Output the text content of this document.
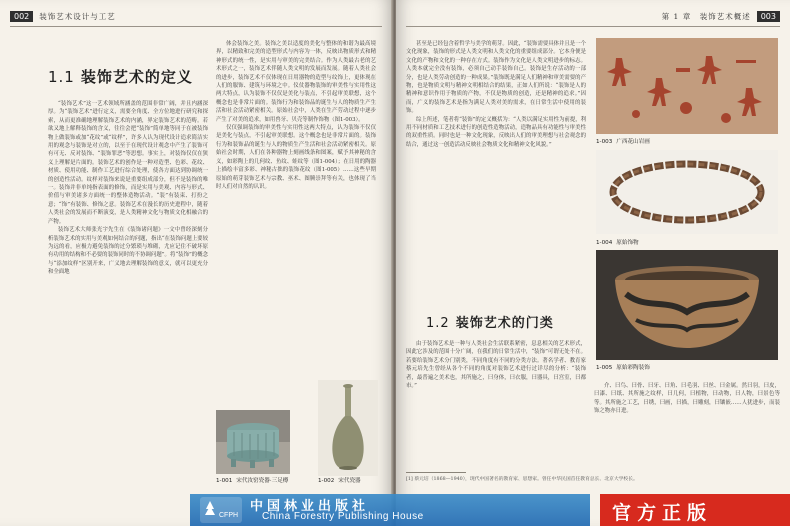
002	装饰艺术设计与工艺
1.1 装饰艺术的定义

“装饰艺术”这一艺术领域所涵盖的范围非常广阔，并且内涵深厚。为“装饰艺术”进行定义，需要全角度、全方位地进行研究和探索，从而更准确地理解装饰艺术的内涵，界定装饰艺术的范畴。若欲又地上解释装饰的含义，往往会把“装饰”简单地等同于在被装饰物上做装饰或加“花纹”或“纹样”，许多人认为现代设计追求简洁实用的观念与装饰是对立的，以至于在现代设计观念中产生了装饰可有可无、反对装饰、“装饰罪恶”等思想。事实上，对装饰仅仅在狭义上理解是片面的。装饰艺术的创作是一种对造型、色彩、花纹、材质、使用功能、制作工艺进行综合处理，使各方面达到协调统一的创造性活动。纹样对装饰来说是重要组成部分，但不是装饰的唯一。装饰并非单纯指表面的修饰，而是实用与美观、内容与形式、价值与审美诸多方面统一的整体造物活动。“装”有装束、打扮之意；“饰”有装饰、修饰之意。装饰艺术在漫长的历史进程中，随着人类社会的发展而不断演变，是人类精神文化与物质文化相融合的产物。

装饰艺术大师张光宇先生在《装饰诸问题》一文中曾经深刻分析装饰艺术的实用与美观如何结合的问题，指出“在装饰问题上要较为远的看，应极力避免装饰的过分繁琐与堆砌，尤应记住不破坏原有功用的结构和不必要的装饰同时的不协调问题”。将“装饰”的概念与“添加纹样”区别开来，广义地去理解装饰的意义，就可以更充分和全面地

体会装饰之美。装饰之美以适度的美化与整体的和谐为最高境界，以精致和完美的造型形式与内容为一体，反映出物质形式和精神形式的统一性，是实用与审美的完美结合。作为人类最古老的艺术形式之一，装饰艺术伴随人类文明的发展而发展。随着人类社会的进步，装饰艺术不仅体现在日用器物的造型与纹饰上，更体现在人们的服饰、建筑与环境之中。仪仗器物装饰的审美性与实用性这两大特点，认为装饰不仅仅是美化与装点，不引起审美联想，这个概念也是非常片面的。装饰行为和装饰品的诞生与人的物质生产生活和社会活动紧密相关。原始社会中，人类在生产劳动过程中逐步产生了对美的追求，如用兽牙、贝壳等制作饰物（图1-003）。

仅仅强调装饰的审美性与实用性这两大特点，认为装饰不仅仅是美化与装点，不引起审美联想。这个概念也是非常片面的。装饰行为和装饰品的诞生与人的物质生产生活和社会活动紧密相关。原始社会时期，人们在各种器物上刻画线条和图案，赋予其神秘的含义，如彩陶上的几何纹、鱼纹、蛙纹等（图1-004）；在日用的陶器上描绘丰富多彩、神秘古拙的装饰花纹（图1-005）……这些早期原始的萌芽装饰艺术与宗教、巫术、图腾崇拜等有关，也体现了当时人们对自然的认识。

1-001 宋代汝窑瓷器·三足樽	1-002 宋代瓷器
第 1 章　装饰艺术概述	003

甚至是已经包含着哲学与美学的萌芽。因此，“装饰需要具体并且是一个文化现象，装饰的形式是人类文明和人类文化的重要组成部分。它本身便是文化的产物和文化的一种存在方式。装饰作为文化是人类文明进步的标志。人类本就完全没有装饰，必须自己动手装饰自己。装饰是生存活动的一部分，也是人类劳动创造的一种成果。”装饰既是满足人们精神和审美需要的产物，也是物质文明与精神文明相结合的结果，正如人们所说：“装饰是人的精神和意识作用于物质的产物，不仅是物质的创造，还是精神的追求。”因而，广义的装饰艺术是指为满足人类对美的需求，在日常生活中使用的装饰。

综上所述，笔者将“装饰”的定义概括为：“人类以满足实用性为前提，利用不同材质和工艺技术进行的创造性造物活动，造物品具有功能性与审美性的双重性质。同时也是一种文化现象，反映出人们的审美理想与社会观念的结合，通过这一创造活动反映社会物质文化和精神文化风貌。”

1.2 装饰艺术的门类

由于装饰艺术是一种与人类社会生活联系紧密，息息相关的艺术形式，因此它涉及的范围十分广阔，在我们的日常生活中，“装饰”可谓无处不在。若要给装饰艺术分门别类，不同角度有不同的分类方法。著名学者、教育家蔡元培先生曾经从各个不同的角度对装饰艺术进行过详尽的分析：“装饰者，最普遍之美术也，其所施之，曰身体，曰衣服，曰器具，曰宫室，曰都市。”	介、曰鸟、曰骨、曰牙、曰角、曰毛羽、曰丝、曰金属。然曰羽，曰皮，曰漆、曰纸、其所施之纹样，曰几何，曰植物，曰动物，曰人物，曰景色等等。其所施之工艺，曰绣，曰画，曰描，曰雕刻，曰镶嵌……人犹进步，而装饰之物亦日进。

1-003 广西花山岩画
1-004 原始饰物
1-005 原始彩陶装饰
[1] 蔡元培（1868—1940），现代中国著名的教育家、思想家。曾任中华民国首任教育总长、北京大学校长。
CFPH
中国林业出版社
China Forestry Publishing House	官方正版
